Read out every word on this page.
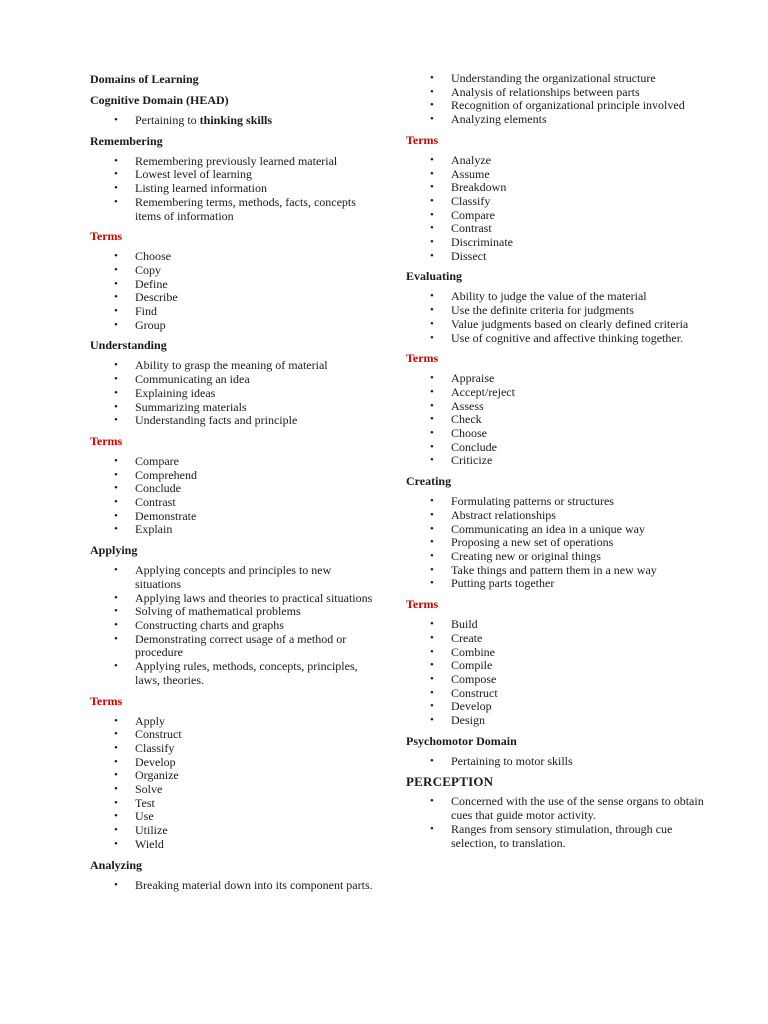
Domains of Learning

Cognitive Domain (HEAD)

• Pertaining to thinking skills

Remembering

• Remembering previously learned material
• Lowest level of learning
• Listing learned information
• Remembering terms, methods, facts, concepts items of information

Terms

• Choose
• Copy
• Define
• Describe
• Find
• Group

Understanding

• Ability to grasp the meaning of material
• Communicating an idea
• Explaining ideas
• Summarizing materials
• Understanding facts and principle

Terms

• Compare
• Comprehend
• Conclude
• Contrast
• Demonstrate
• Explain

Applying

• Applying concepts and principles to new situations
• Applying laws and theories to practical situations
• Solving of mathematical problems
• Constructing charts and graphs
• Demonstrating correct usage of a method or procedure
• Applying rules, methods, concepts, principles, laws, theories.

Terms

• Apply
• Construct
• Classify
• Develop
• Organize
• Solve
• Test
• Use
• Utilize
• Wield

Analyzing

• Breaking material down into its component parts.
• Understanding the organizational structure
• Analysis of relationships between parts
• Recognition of organizational principle involved
• Analyzing elements

Terms

• Analyze
• Assume
• Breakdown
• Classify
• Compare
• Contrast
• Discriminate
• Dissect

Evaluating

• Ability to judge the value of the material
• Use the definite criteria for judgments
• Value judgments based on clearly defined criteria
• Use of cognitive and affective thinking together.

Terms

• Appraise
• Accept/reject
• Assess
• Check
• Choose
• Conclude
• Criticize

Creating

• Formulating patterns or structures
• Abstract relationships
• Communicating an idea in a unique way
• Proposing a new set of operations
• Creating new or original things
• Take things and pattern them in a new way
• Putting parts together

Terms

• Build
• Create
• Combine
• Compile
• Compose
• Construct
• Develop
• Design

Psychomotor Domain

• Pertaining to motor skills

PERCEPTION

• Concerned with the use of the sense organs to obtain cues that guide motor activity.
• Ranges from sensory stimulation, through cue selection, to translation.
